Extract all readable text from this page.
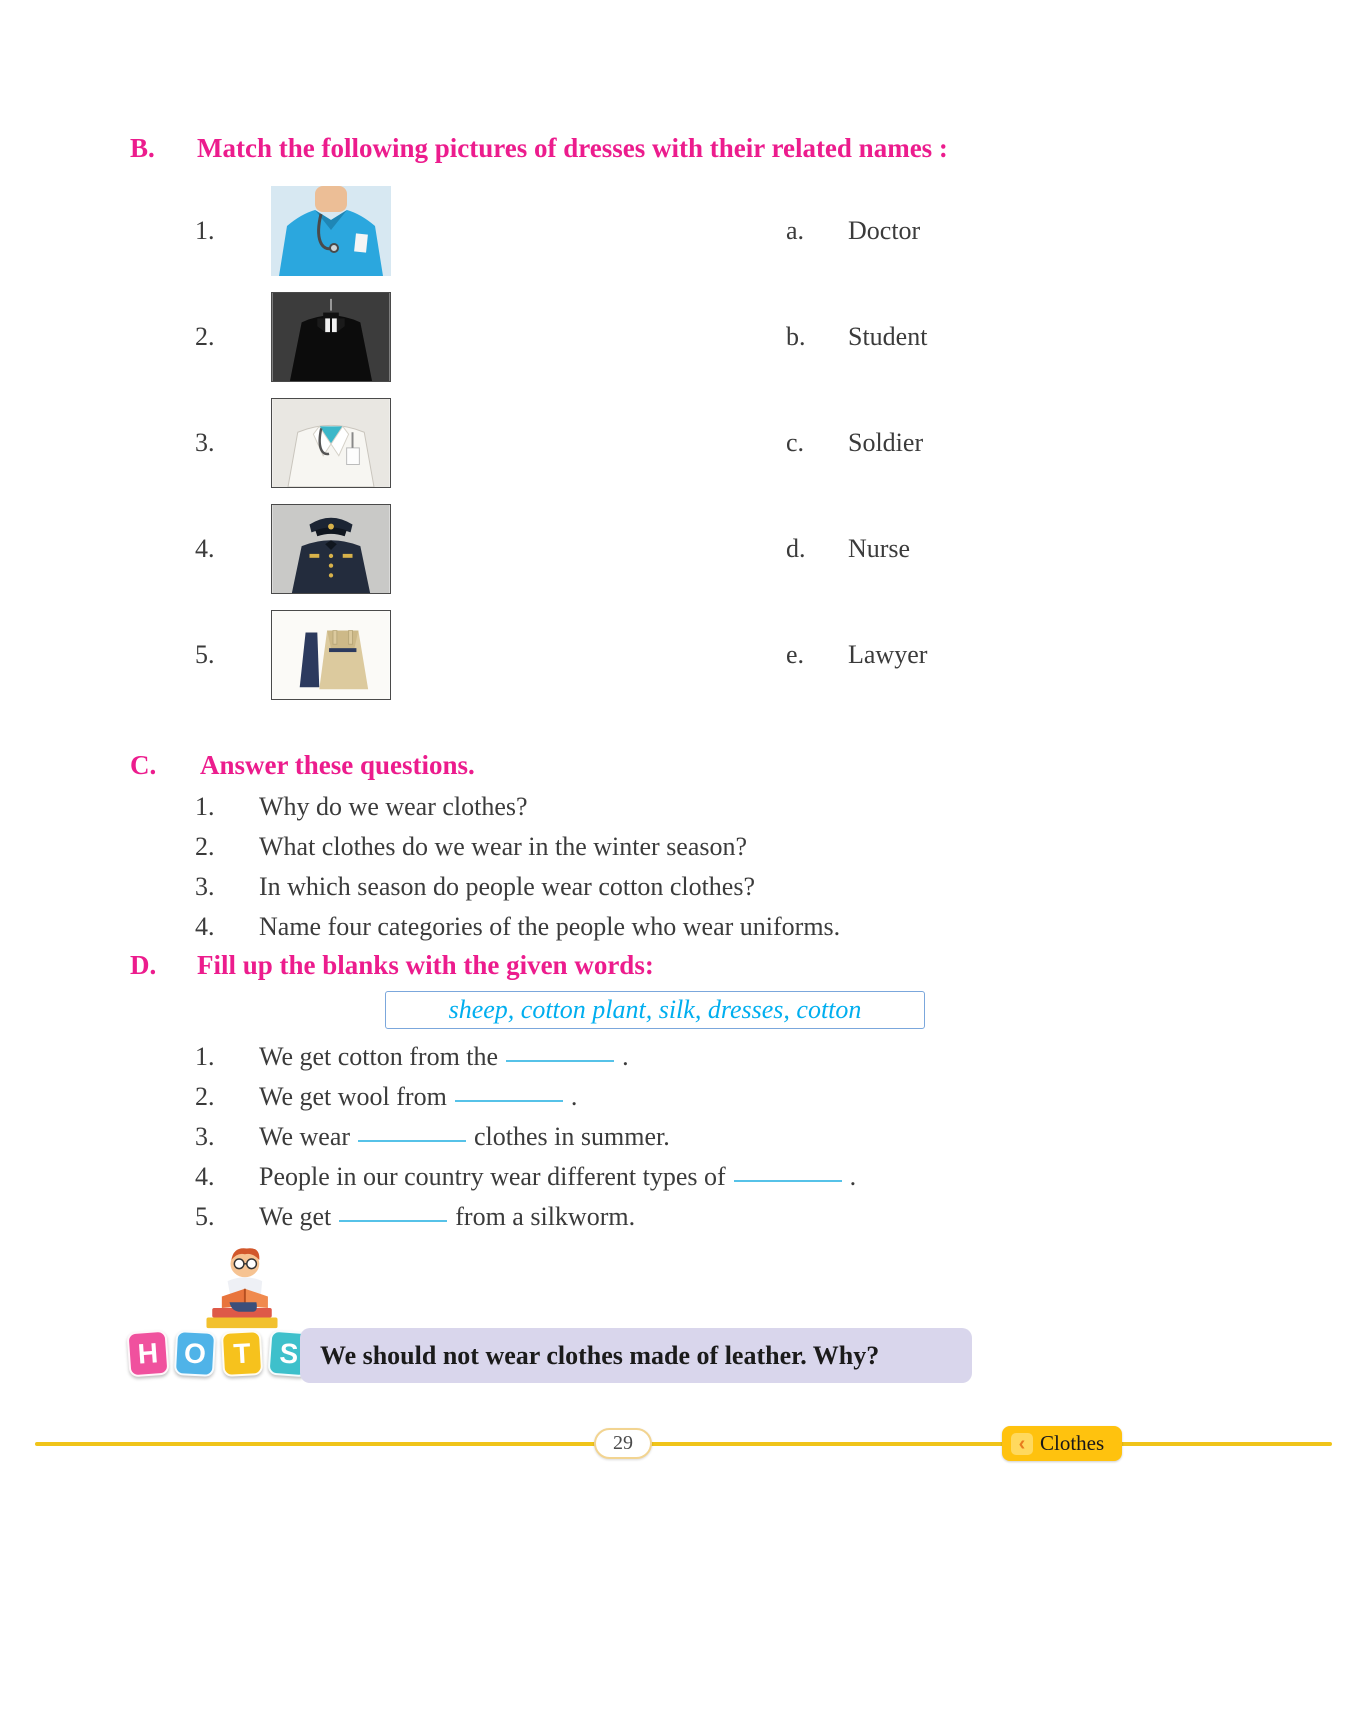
B.	Match the following pictures of dresses with their related names :
1.	a.	Doctor
2.	b.	Student
3.	c.	Soldier
4.	d.	Nurse
5.	e.	Lawyer
C.	Answer these questions.
1.	Why do we wear clothes?
2.	What clothes do we wear in the winter season?
3.	In which season do people wear cotton clothes?
4.	Name four categories of the people who wear uniforms.
D.	Fill up the blanks with the given words:
sheep, cotton plant, silk, dresses, cotton
1.	We get cotton from the	.
2.	We get wool from	.
3.	We wear	clothes in summer.
4.	People in our country wear different types of	.
5.	We get	from a silkworm.
H O T S We should not wear clothes made of leather. Why?
29	‹ Clothes
